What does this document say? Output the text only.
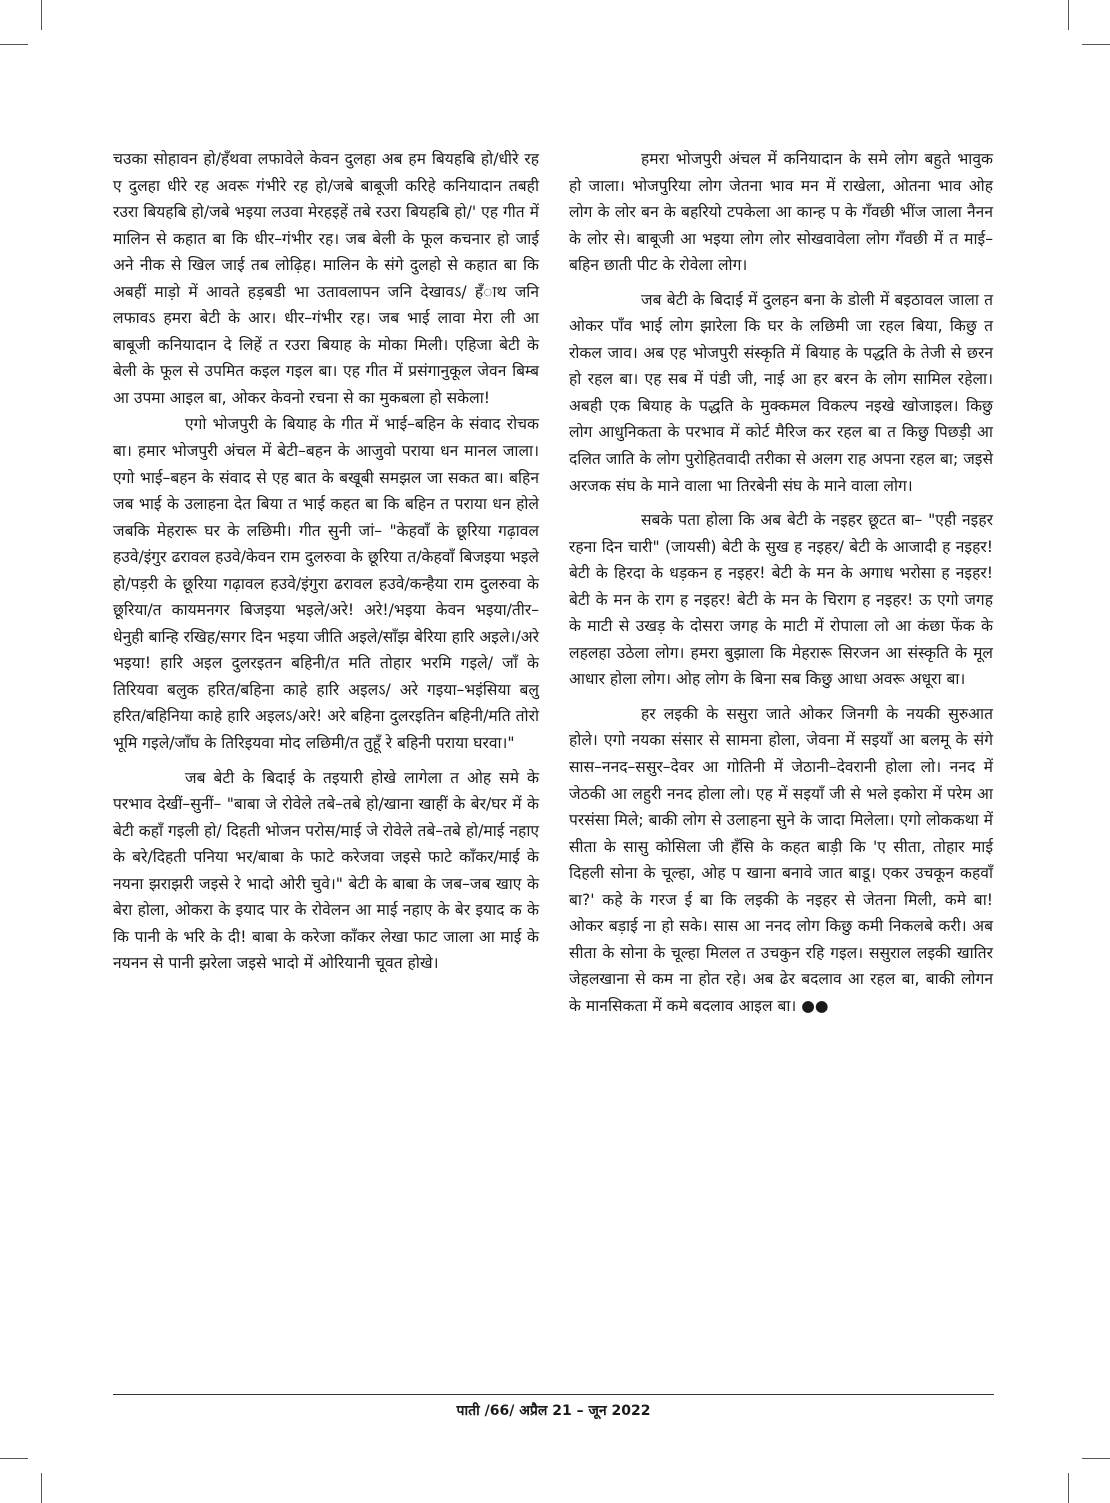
चउका सोहावन हो/हँथवा लफावेले केवन दुलहा अब हम बियहबि हो/धीरे रह ए दुलहा धीरे रह अवरू गंभीरे रह हो/जबे बाबूजी करिहे कनियादान तबही रउरा बियहबि हो/जबे भइया लउवा मेरहइहें तबे रउरा बियहबि हो/' एह गीत में मालिन से कहात बा कि धीर–गंभीर रह। जब बेली के फूल कचनार हो जाई अने नीक से खिल जाई तब लोढ़िह। मालिन के संगे दुलहो से कहात बा कि अबहीं माड़ो में आवते हड़बडी भा उतावलापन जनि देखावऽ/ हँाथ जनि लफावऽ हमरा बेटी के आर। धीर–गंभीर रह। जब भाई लावा मेरा ली आ बाबूजी कनियादान दे लिहें त रउरा बियाह के मोका मिली। एहिजा बेटी के बेली के फूल से उपमित कइल गइल बा। एह गीत में प्रसंगानुकूल जेवन बिम्ब आ उपमा आइल बा, ओकर केवनो रचना से का मुकबला हो सकेला!

एगो भोजपुरी के बियाह के गीत में भाई–बहिन के संवाद रोचक बा। हमार भोजपुरी अंचल में बेटी–बहन के आजुवो पराया धन मानल जाला। एगो भाई–बहन के संवाद से एह बात के बखूबी समझल जा सकत बा। बहिन जब भाई के उलाहना देत बिया त भाई कहत बा कि बहिन त पराया धन होले जबकि मेहरारू घर के लछिमी। गीत सुनी जां– "केहवाँ के छूरिया गढ़ावल हउवे/इंगुर ढरावल हउवे/केवन राम दुलरुवा के छूरिया त/केहवाँ बिजइया भइले हो/पड़री के छूरिया गढ़ावल हउवे/इंगुरा ढरावल हउवे/कन्हैया राम दुलरुवा के छूरिया/त कायमनगर बिजइया भइले/अरे! अरे!/भइया केवन भइया/तीर–धेनुही बान्हि रखिह/सगर दिन भइया जीति अइले/साँझ बेरिया हारि अइले।/अरे भइया! हारि अइल दुलरइतन बहिनी/त मति तोहार भरमि गइले/ जाँ के तिरियवा बलुक हरित/बहिना काहे हारि अइलऽ/ अरे गइया–भइंसिया बलु हरित/बहिनिया काहे हारि अइलऽ/अरे! अरे बहिना दुलरइतिन बहिनी/मति तोरो भूमि गइले/जाँघ के तिरिइयवा मोद लछिमी/त तुहूँ रे बहिनी पराया घरवा।"

जब बेटी के बिदाई के तइयारी होखे लागेला त ओह समे के परभाव देखीं–सुनीं– "बाबा जे रोवेले तबे–तबे हो/खाना खाहीं के बेर/घर में के बेटी कहाँ गइली हो/ दिहती भोजन परोस/माई जे रोवेले तबे–तबे हो/माई नहाए के बरे/दिहती पनिया भर/बाबा के फाटे करेजवा जइसे फाटे काँकर/माई के नयना झराझरी जइसे रे भादो ओरी चुवे।" बेटी के बाबा के जब–जब खाए के बेरा होला, ओकरा के इयाद पार के रोवेलन आ माई नहाए के बेर इयाद क के कि पानी के भरि के दी! बाबा के करेजा काँकर लेखा फाट जाला आ माई के नयनन से पानी झरेला जइसे भादो में ओरियानी चूवत होखे।

हमरा भोजपुरी अंचल में कनियादान के समे लोग बहुते भावुक हो जाला। भोजपुरिया लोग जेतना भाव मन में राखेला, ओतना भाव ओह लोग के लोर बन के बहरियो टपकेला आ कान्ह प के गँवछी भींज जाला नैनन के लोर से। बाबूजी आ भइया लोग लोर सोखवावेला लोग गँवछी में त माई–बहिन छाती पीट के रोवेला लोग।

जब बेटी के बिदाई में दुलहन बना के डोली में बइठावल जाला त ओकर पाँव भाई लोग झारेला कि घर के लछिमी जा रहल बिया, किछु त रोकल जाव। अब एह भोजपुरी संस्कृति में बियाह के पद्धति के तेजी से छरन हो रहल बा। एह सब में पंडी जी, नाई आ हर बरन के लोग सामिल रहेला। अबही एक बियाह के पद्धति के मुक्कमल विकल्प नइखे खोजाइल। किछु लोग आधुनिकता के परभाव में कोर्ट मैरिज कर रहल बा त किछु पिछड़ी आ दलित जाति के लोग पुरोहितवादी तरीका से अलग राह अपना रहल बा; जइसे अरजक संघ के माने वाला भा तिरबेनी संघ के माने वाला लोग।

सबके पता होला कि अब बेटी के नइहर छूटत बा– "एही नइहर रहना दिन चारी" (जायसी) बेटी के सुख ह नइहर/ बेटी के आजादी ह नइहर! बेटी के हिरदा के धड़कन ह नइहर! बेटी के मन के अगाध भरोसा ह नइहर! बेटी के मन के राग ह नइहर! बेटी के मन के चिराग ह नइहर! ऊ एगो जगह के माटी से उखड़ के दोसरा जगह के माटी में रोपाला लो आ कंछा फेंक के लहलहा उठेला लोग। हमरा बुझाला कि मेहरारू सिरजन आ संस्कृति के मूल आधार होला लोग। ओह लोग के बिना सब किछु आधा अवरू अधूरा बा।

हर लइकी के ससुरा जाते ओकर जिनगी के नयकी सुरुआत होले। एगो नयका संसार से सामना होला, जेवना में सइयाँ आ बलमू के संगे सास–ननद–ससुर–देवर आ गोतिनी में जेठानी–देवरानी होला लो। ननद में जेठकी आ लहुरी ननद होला लो। एह में सइयाँ जी से भले इकोरा में परेम आ परसंसा मिले; बाकी लोग से उलाहना सुने के जादा मिलेला। एगो लोककथा में सीता के सासु कोसिला जी हँसि के कहत बाड़ी कि 'ए सीता, तोहार माई दिहली सोना के चूल्हा, ओह प खाना बनावे जात बाडू। एकर उचकून कहवाँ बा?' कहे के गरज ई बा कि लइकी के नइहर से जेतना मिली, कमे बा! ओकर बड़ाई ना हो सके। सास आ ननद लोग किछु कमी निकलबे करी। अब सीता के सोना के चूल्हा मिलल त उचकुन रहि गइल। ससुराल लइकी खातिर जेहलखाना से कम ना होत रहे। अब ढेर बदलाव आ रहल बा, बाकी लोगन के मानसिकता में कमे बदलाव आइल बा। ●●

पाती /66/ अप्रैल 21 – जून 2022
